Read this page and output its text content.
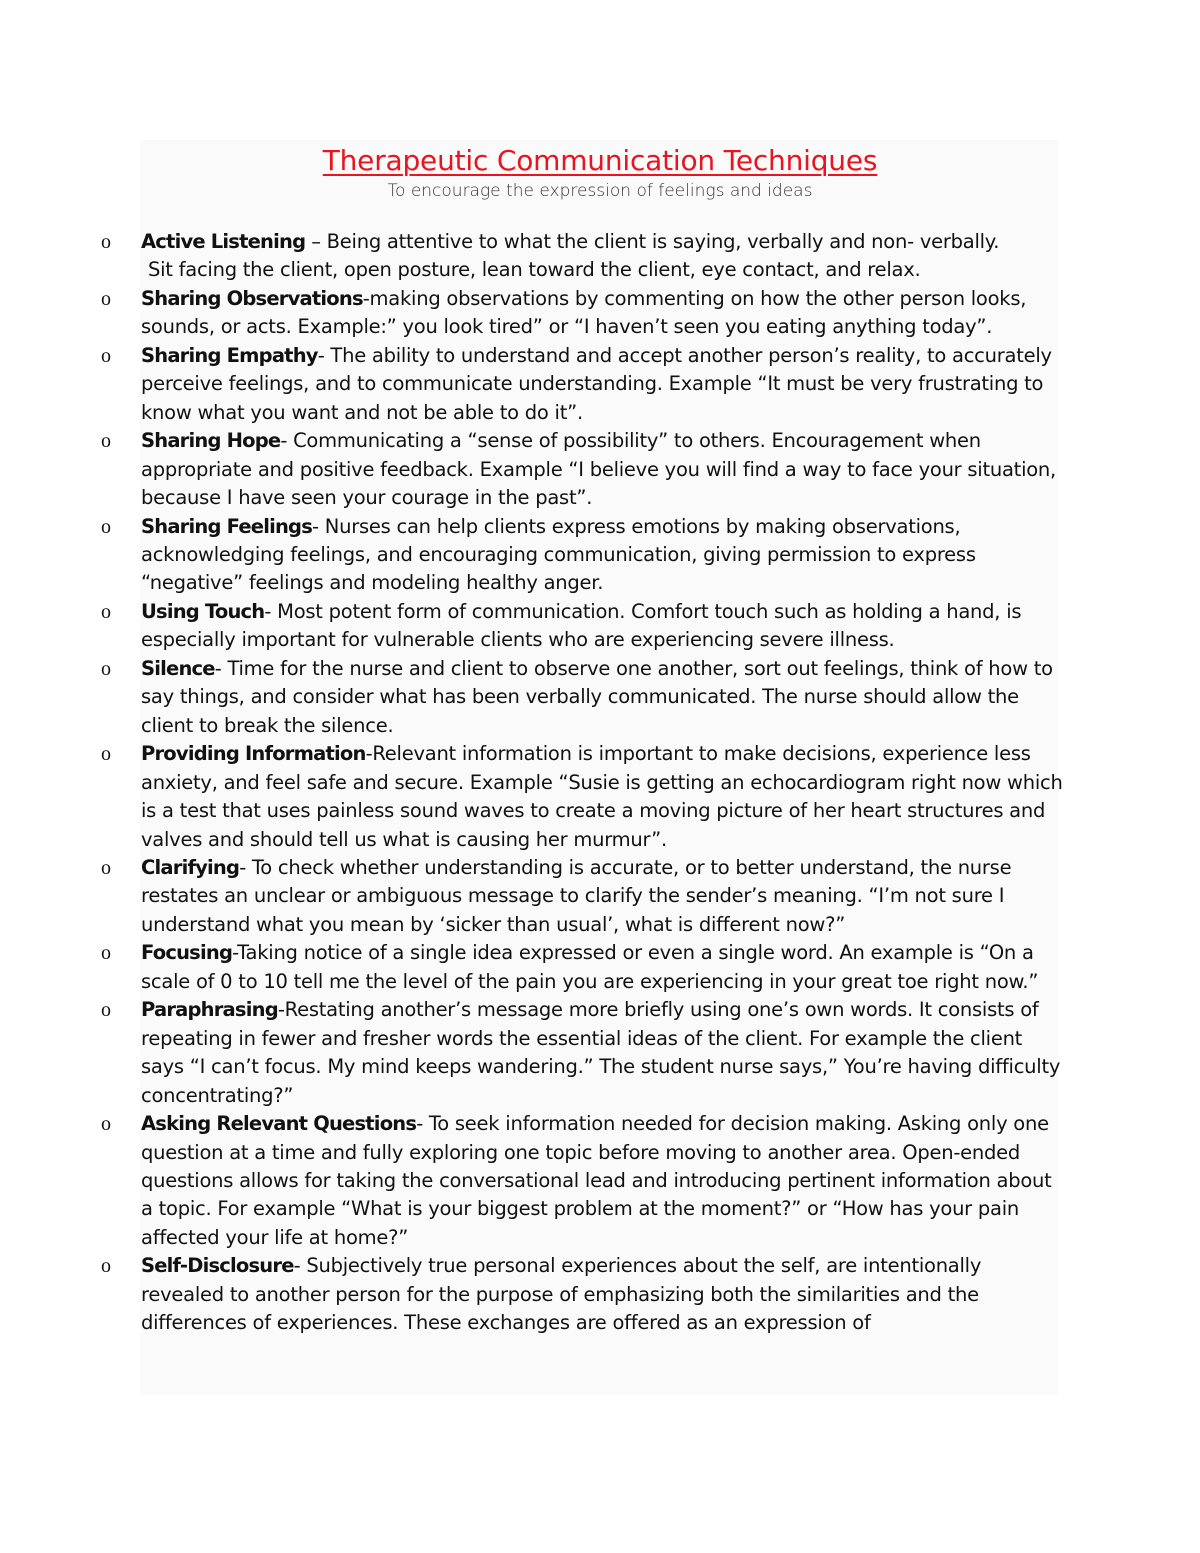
Therapeutic Communication Techniques

To encourage the expression of feelings and ideas

o Active Listening – Being attentive to what the client is saying, verbally and non- verbally.
Sit facing the client, open posture, lean toward the client, eye contact, and relax.
o Sharing Observations-making observations by commenting on how the other person looks, sounds, or acts. Example:” you look tired” or “I haven’t seen you eating anything today”.
o Sharing Empathy- The ability to understand and accept another person’s reality, to accurately perceive feelings, and to communicate understanding. Example “It must be very frustrating to know what you want and not be able to do it”.
o Sharing Hope- Communicating a “sense of possibility” to others. Encouragement when appropriate and positive feedback. Example “I believe you will find a way to face your situation, because I have seen your courage in the past”.
o Sharing Feelings- Nurses can help clients express emotions by making observations, acknowledging feelings, and encouraging communication, giving permission to express “negative” feelings and modeling healthy anger.
o Using Touch- Most potent form of communication. Comfort touch such as holding a hand, is especially important for vulnerable clients who are experiencing severe illness.
o Silence- Time for the nurse and client to observe one another, sort out feelings, think of how to say things, and consider what has been verbally communicated. The nurse should allow the client to break the silence.
o Providing Information-Relevant information is important to make decisions, experience less anxiety, and feel safe and secure. Example “Susie is getting an echocardiogram right now which is a test that uses painless sound waves to create a moving picture of her heart structures and valves and should tell us what is causing her murmur”.
o Clarifying- To check whether understanding is accurate, or to better understand, the nurse restates an unclear or ambiguous message to clarify the sender’s meaning. “I’m not sure I understand what you mean by ‘sicker than usual’, what is different now?”
o Focusing-Taking notice of a single idea expressed or even a single word. An example is “On a scale of 0 to 10 tell me the level of the pain you are experiencing in your great toe right now.”
o Paraphrasing-Restating another’s message more briefly using one’s own words. It consists of repeating in fewer and fresher words the essential ideas of the client. For example the client says “I can’t focus. My mind keeps wandering.” The student nurse says,” You’re having difficulty concentrating?”
o Asking Relevant Questions- To seek information needed for decision making. Asking only one question at a time and fully exploring one topic before moving to another area. Open-ended questions allows for taking the conversational lead and introducing pertinent information about a topic. For example “What is your biggest problem at the moment?” or “How has your pain affected your life at home?”
o Self-Disclosure- Subjectively true personal experiences about the self, are intentionally revealed to another person for the purpose of emphasizing both the similarities and the differences of experiences. These exchanges are offered as an expression of
